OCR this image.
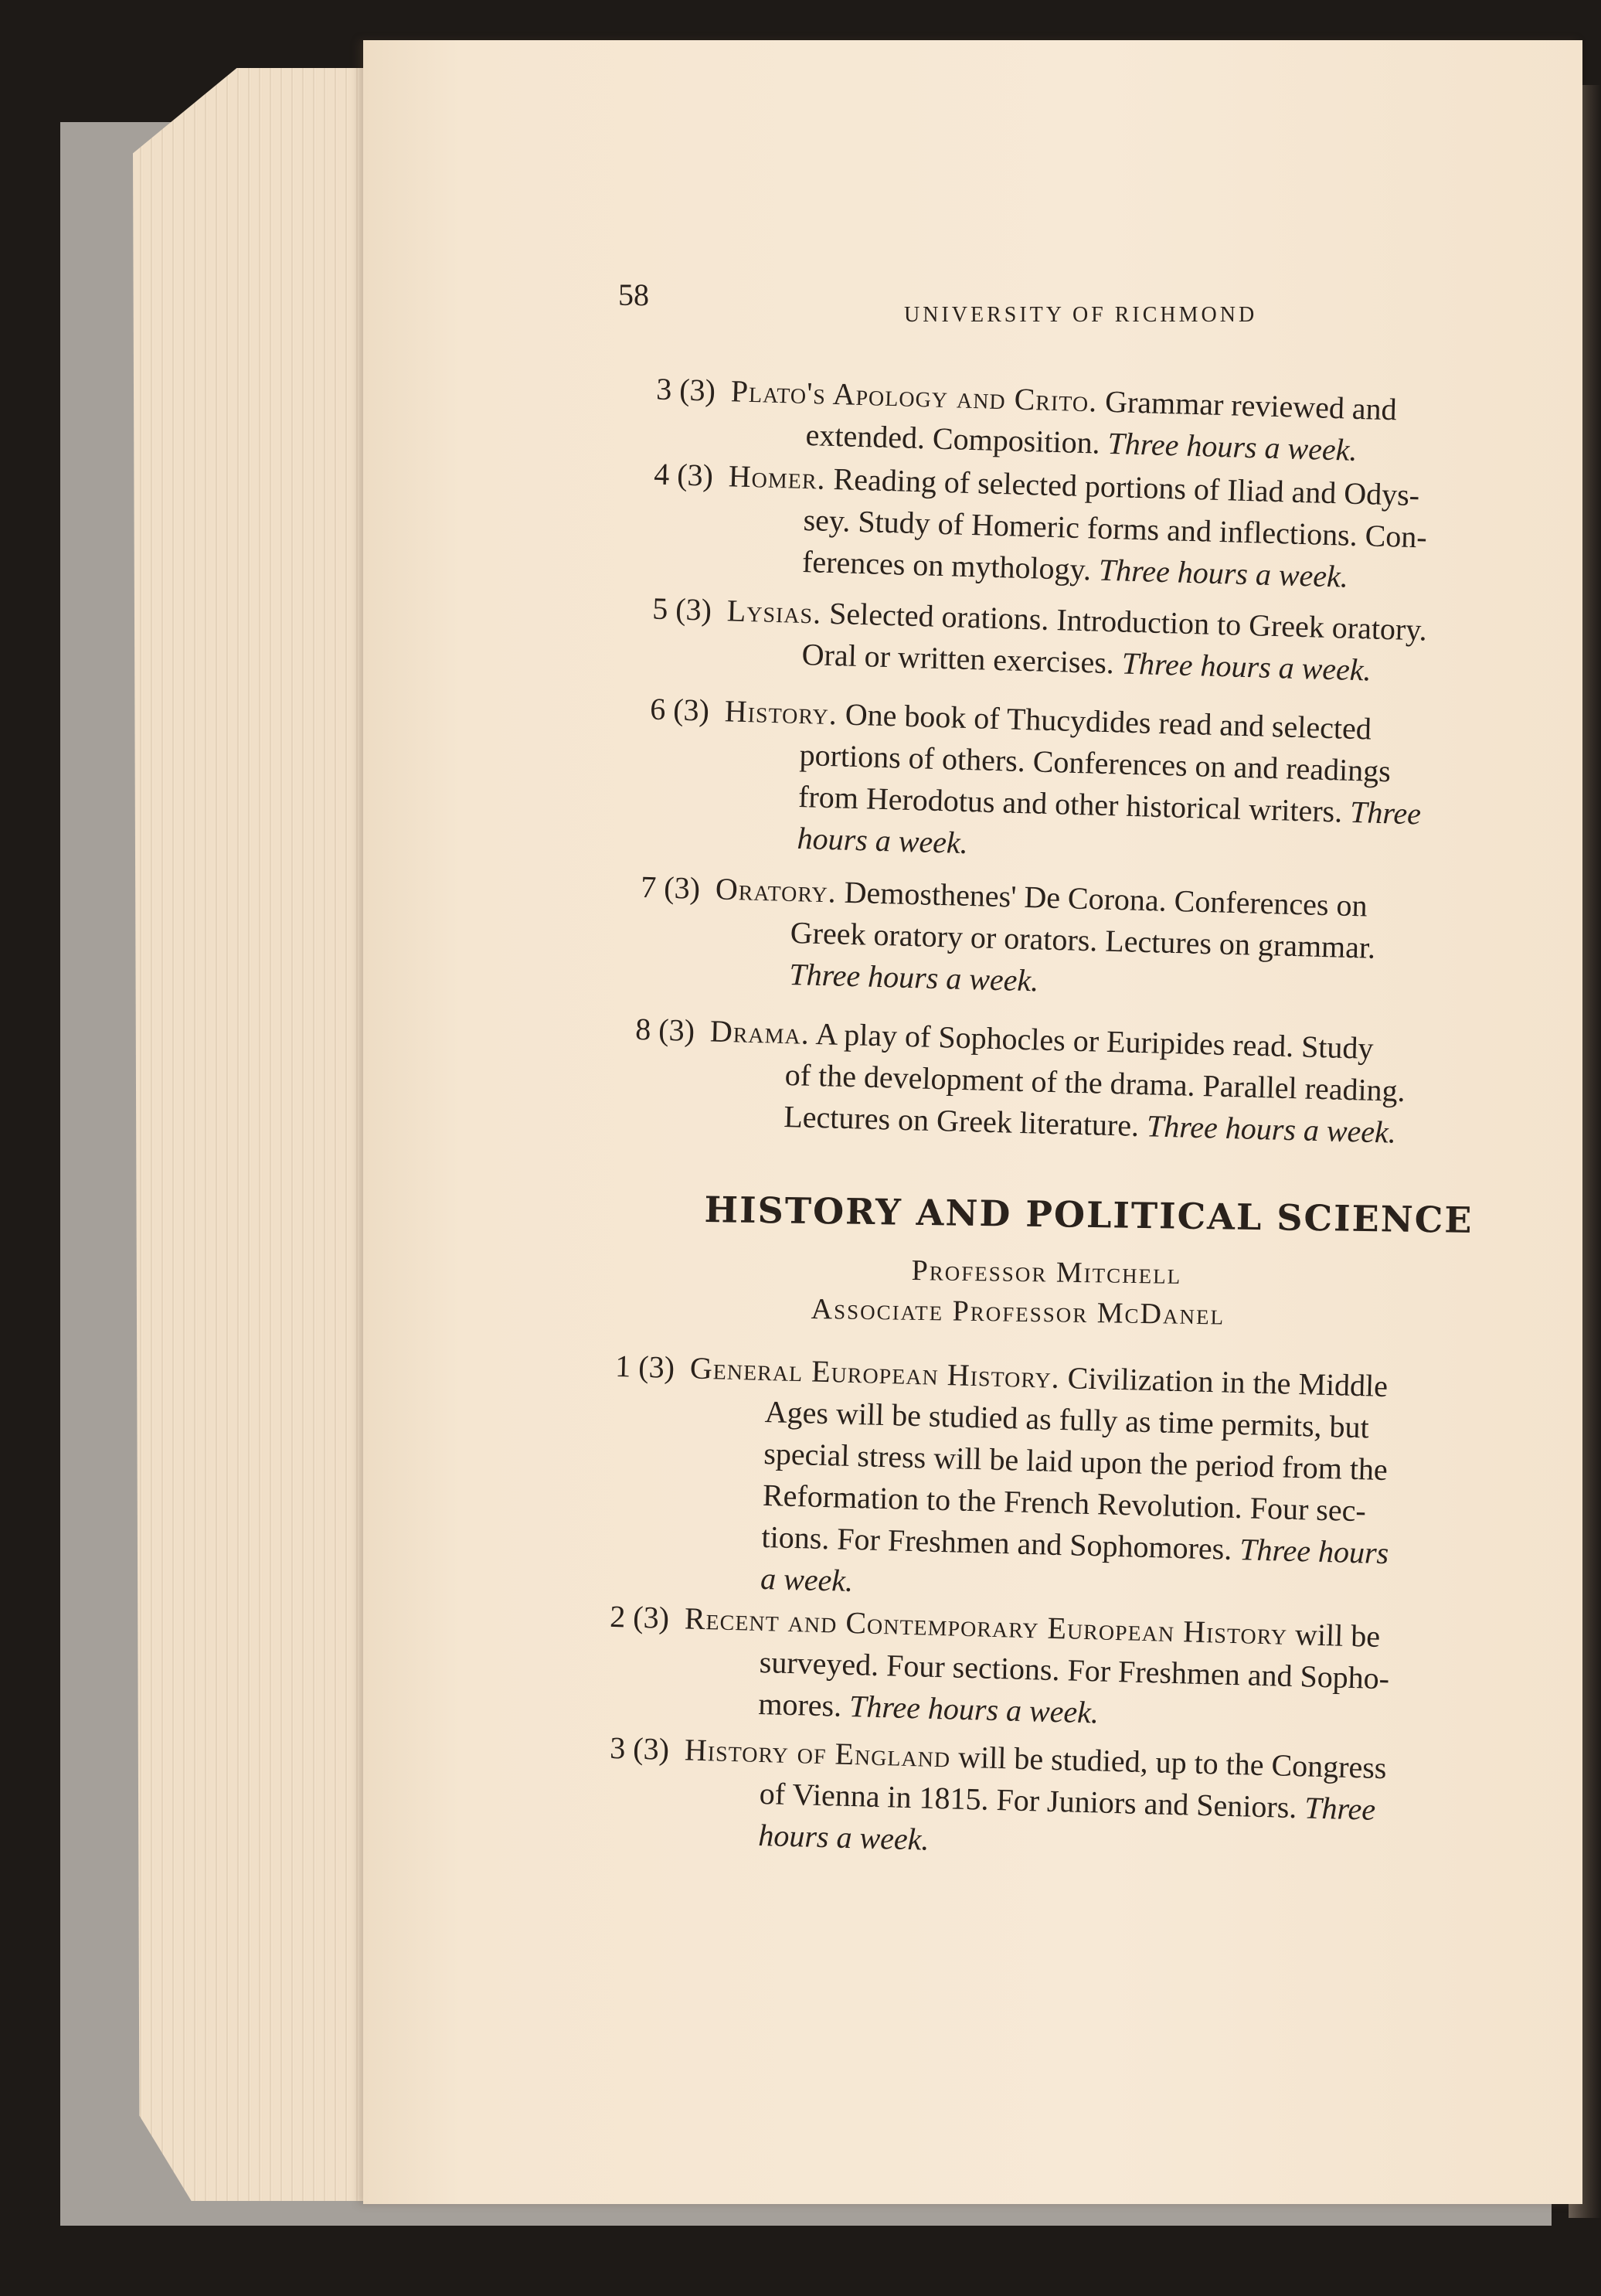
58
UNIVERSITY OF RICHMOND
3 (3) Plato's Apology and Crito. Grammar reviewed and
extended. Composition. Three hours a week.
4 (3) Homer. Reading of selected portions of Iliad and Odys-
sey. Study of Homeric forms and inflections. Con-
ferences on mythology. Three hours a week.
5 (3) Lysias. Selected orations. Introduction to Greek oratory.
Oral or written exercises. Three hours a week.
6 (3) History. One book of Thucydides read and selected
portions of others. Conferences on and readings
from Herodotus and other historical writers. Three
hours a week.
7 (3) Oratory. Demosthenes' De Corona. Conferences on
Greek oratory or orators. Lectures on grammar.
Three hours a week.
8 (3) Drama. A play of Sophocles or Euripides read. Study
of the development of the drama. Parallel reading.
Lectures on Greek literature. Three hours a week.
HISTORY AND POLITICAL SCIENCE
Professor Mitchell
Associate Professor McDanel
1 (3) General European History. Civilization in the Middle
Ages will be studied as fully as time permits, but
special stress will be laid upon the period from the
Reformation to the French Revolution. Four sec-
tions. For Freshmen and Sophomores. Three hours
a week.
2 (3) Recent and Contemporary European History will be
surveyed. Four sections. For Freshmen and Sopho-
mores. Three hours a week.
3 (3) History of England will be studied, up to the Congress
of Vienna in 1815. For Juniors and Seniors. Three
hours a week.
